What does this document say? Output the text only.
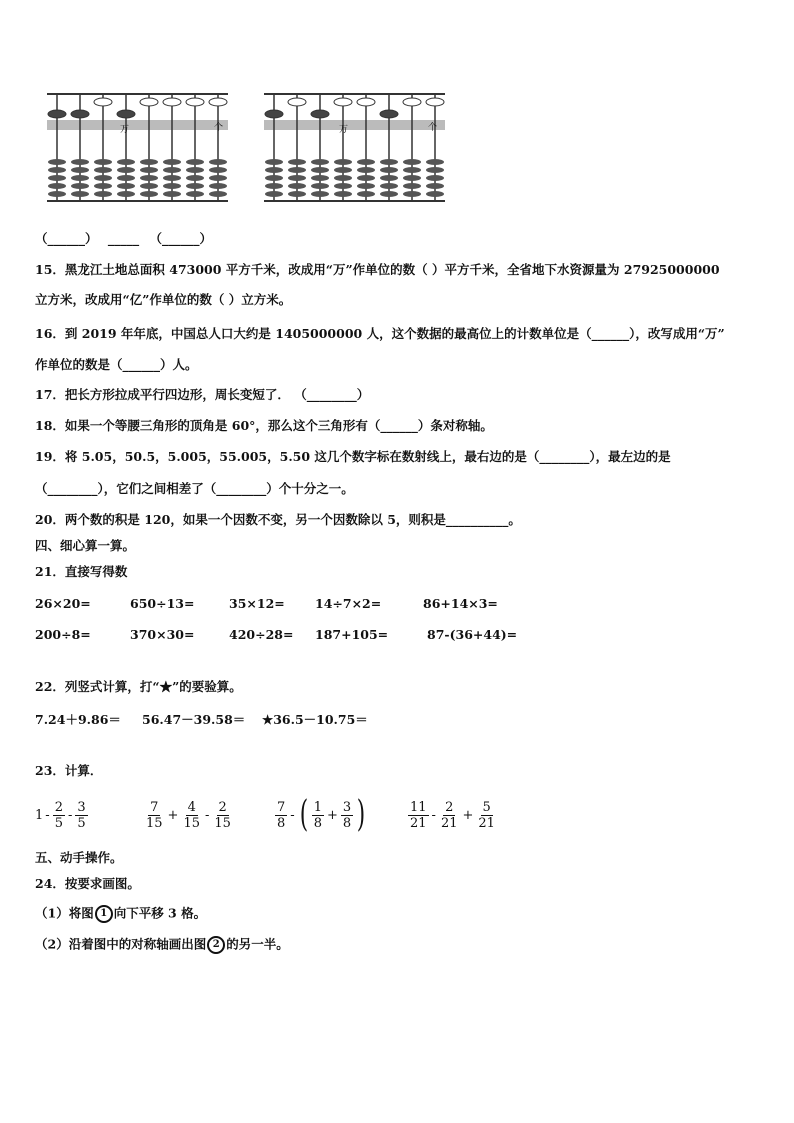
万	个	万	个
（______） _____ （______）
15．黑龙江土地总面积 473000 平方千米，改成用“万”作单位的数（ ）平方千米，全省地下水资源量为 27925000000
立方米，改成用“亿”作单位的数（ ）立方米。
16．到 2019 年年底，中国总人口大约是 1405000000 人，这个数据的最高位上的计数单位是（______），改写成用“万”
作单位的数是（______）人。
17．把长方形拉成平行四边形，周长变短了． （________）
18．如果一个等腰三角形的顶角是 60°，那么这个三角形有（______）条对称轴。
19．将 5.05，50.5，5.005，55.005，5.50 这几个数字标在数射线上，最右边的是（________），最左边的是
（________），它们之间相差了（________）个十分之一。
20．两个数的积是 120，如果一个因数不变，另一个因数除以 5，则积是__________。
四、细心算一算。
21．直接写得数
26×20=	650÷13=	35×12= 14÷7×2=	86+14×3=
200÷8=	370×30=	420÷28= 187+105=	87-(36+44)=
22．列竖式计算，打“★”的要验算。
7.24＋9.86＝ 56.47－39.58＝ ★36.5－10.75＝
23．计算．
$1 - \frac{2}{5} - \frac{3}{5}$	$\frac{7}{15} + \frac{4}{15} - \frac{2}{15}$	$\frac{7}{8}$ - ( $\frac{1}{8} + \frac{3}{8}$ )	$\frac{11}{21} - \frac{2}{21} + \frac{5}{21}$
五、动手操作。
24．按要求画图。
（1）将图 1 向下平移 3 格。
（2）沿着图中的对称轴画出图 2 的另一半。
